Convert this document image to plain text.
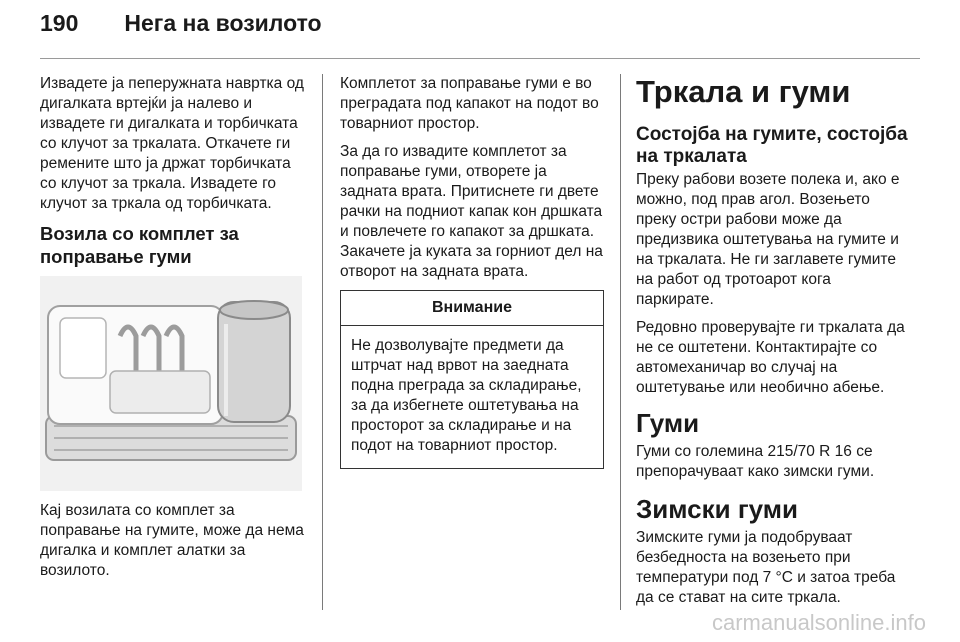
190 Нега на возилото

Извадете ја пеперужната навртка од дигалката вртејќи ја налево и извадете ги дигалката и торбичката со клучот за тркалата. Откачете ги ремените што ја држат торбичката со клучот за тркала. Извадете го клучот за тркала од торбичката.

Возила со комплет за поправање гуми

Кај возилата со комплет за поправање на гумите, може да нема дигалка и комплет алатки за возилото.

Комплетот за поправање гуми е во преградата под капакот на подот во товарниот простор.

За да го извадите комплетот за поправање гуми, отворете ја задната врата. Притиснете ги двете рачки на подниот капак кон дршката и повлечете го капакот за дршката. Закачете ја куката за горниот дел на отворот на задната врата.

Внимание
Не дозволувајте предмети да штрчат над врвот на заедната подна преграда за складирање, за да избегнете оштетувања на просторот за складирање и на подот на товарниот простор.
Тркала и гуми
Состојба на гумите, состојба на тркалата

Преку рабови возете полека и, ако е можно, под прав агол. Возењето преку остри рабови може да предизвика оштетувања на гумите и на тркалата. Не ги заглавете гумите на работ од тротоарот кога паркирате.

Редовно проверувајте ги тркалата да не се оштетени. Контактирајте со автомеханичар во случај на оштетување или необично абење.

Гуми

Гуми со големина 215/70 R 16 се препорачуваат како зимски гуми.

Зимски гуми

Зимските гуми ја подобруваат безбедноста на возењето при температури под 7 °C и затоа треба да се стават на сите тркала.

carmanualsonline.info
